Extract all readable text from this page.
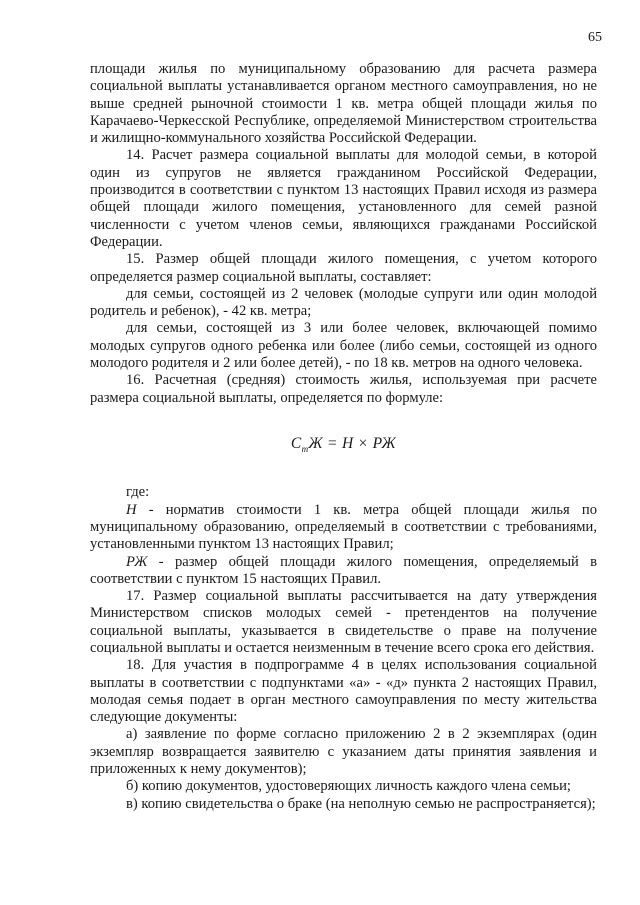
65

площади жилья по муниципальному образованию для расчета размера социальной выплаты устанавливается органом местного самоуправления, но не выше средней рыночной стоимости 1 кв. метра общей площади жилья по Карачаево-Черкесской Республике, определяемой Министерством строительства и жилищно-коммунального хозяйства Российской Федерации.

14. Расчет размера социальной выплаты для молодой семьи, в которой один из супругов не является гражданином Российской Федерации, производится в соответствии с пунктом 13 настоящих Правил исходя из размера общей площади жилого помещения, установленного для семей разной численности с учетом членов семьи, являющихся гражданами Российской Федерации.

15. Размер общей площади жилого помещения, с учетом которого определяется размер социальной выплаты, составляет:

для семьи, состоящей из 2 человек (молодые супруги или один молодой родитель и ребенок), - 42 кв. метра;

для семьи, состоящей из 3 или более человек, включающей помимо молодых супругов одного ребенка или более (либо семьи, состоящей из одного молодого родителя и 2 или более детей), - по 18 кв. метров на одного человека.

16. Расчетная (средняя) стоимость жилья, используемая при расчете размера социальной выплаты, определяется по формуле:

$С_тЖ = Н$ × РЖ

где:

Н - норматив стоимости 1 кв. метра общей площади жилья по муниципальному образованию, определяемый в соответствии с требованиями, установленными пунктом 13 настоящих Правил;

РЖ - размер общей площади жилого помещения, определяемый в соответствии с пунктом 15 настоящих Правил.

17. Размер социальной выплаты рассчитывается на дату утверждения Министерством списков молодых семей - претендентов на получение социальной выплаты, указывается в свидетельстве о праве на получение социальной выплаты и остается неизменным в течение всего срока его действия.

18. Для участия в подпрограмме 4 в целях использования социальной выплаты в соответствии с подпунктами «а» - «д» пункта 2 настоящих Правил, молодая семья подает в орган местного самоуправления по месту жительства следующие документы:

а) заявление по форме согласно приложению 2 в 2 экземплярах (один экземпляр возвращается заявителю с указанием даты принятия заявления и приложенных к нему документов);

б) копию документов, удостоверяющих личность каждого члена семьи;

в) копию свидетельства о браке (на неполную семью не распространяется);
